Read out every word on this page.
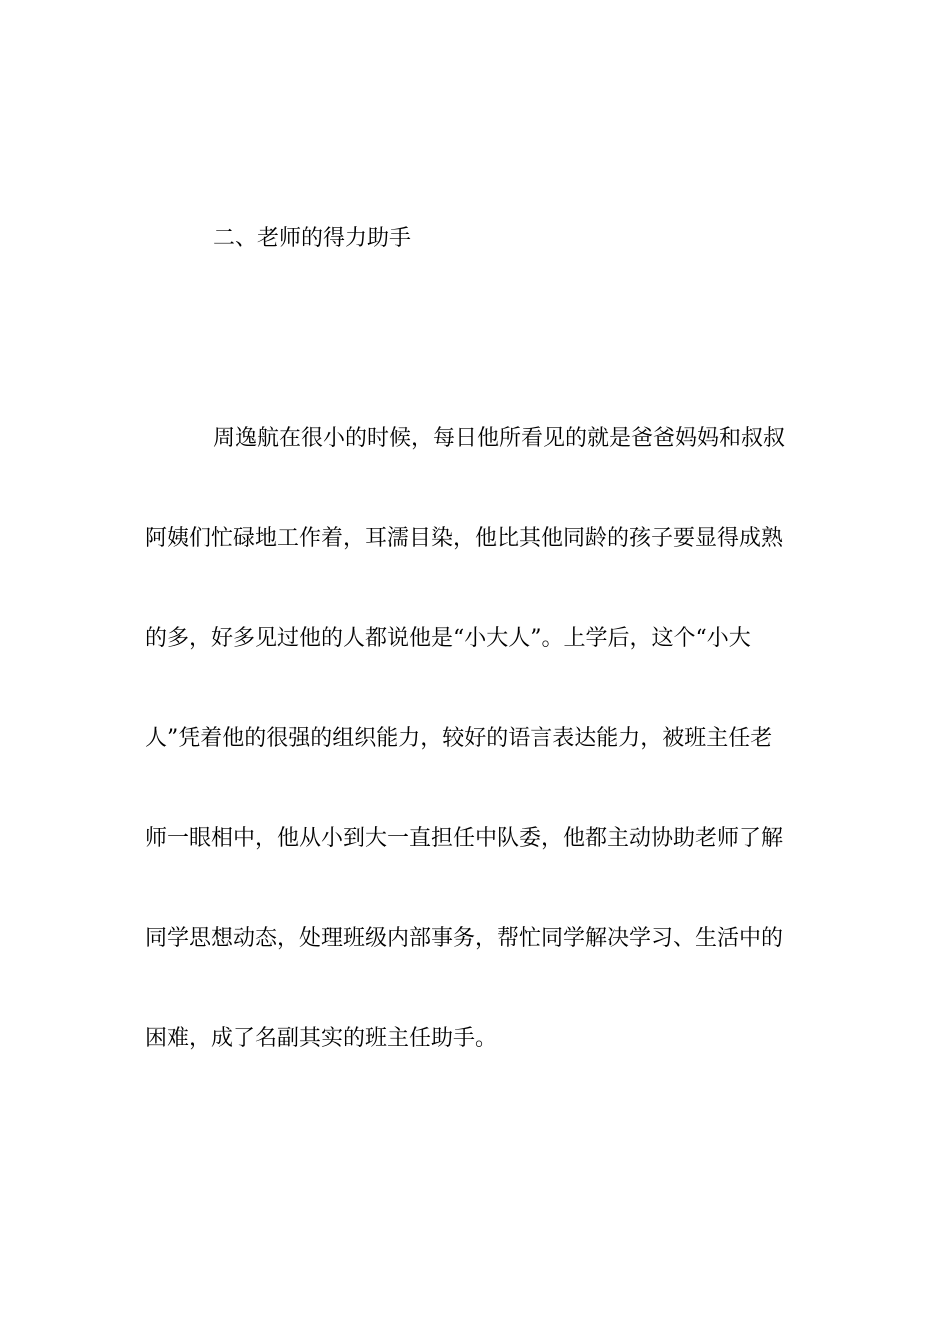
二、老师的得力助手
周逸航在很小的时候，每日他所看见的就是爸爸妈妈和叔叔
阿姨们忙碌地工作着，耳濡目染，他比其他同龄的孩子要显得成熟
的多，好多见过他的人都说他是“小大人”。上学后，这个“小大
人”凭着他的很强的组织能力，较好的语言表达能力，被班主任老
师一眼相中，他从小到大一直担任中队委，他都主动协助老师了解
同学思想动态，处理班级内部事务，帮忙同学解决学习、生活中的
困难，成了名副其实的班主任助手。
